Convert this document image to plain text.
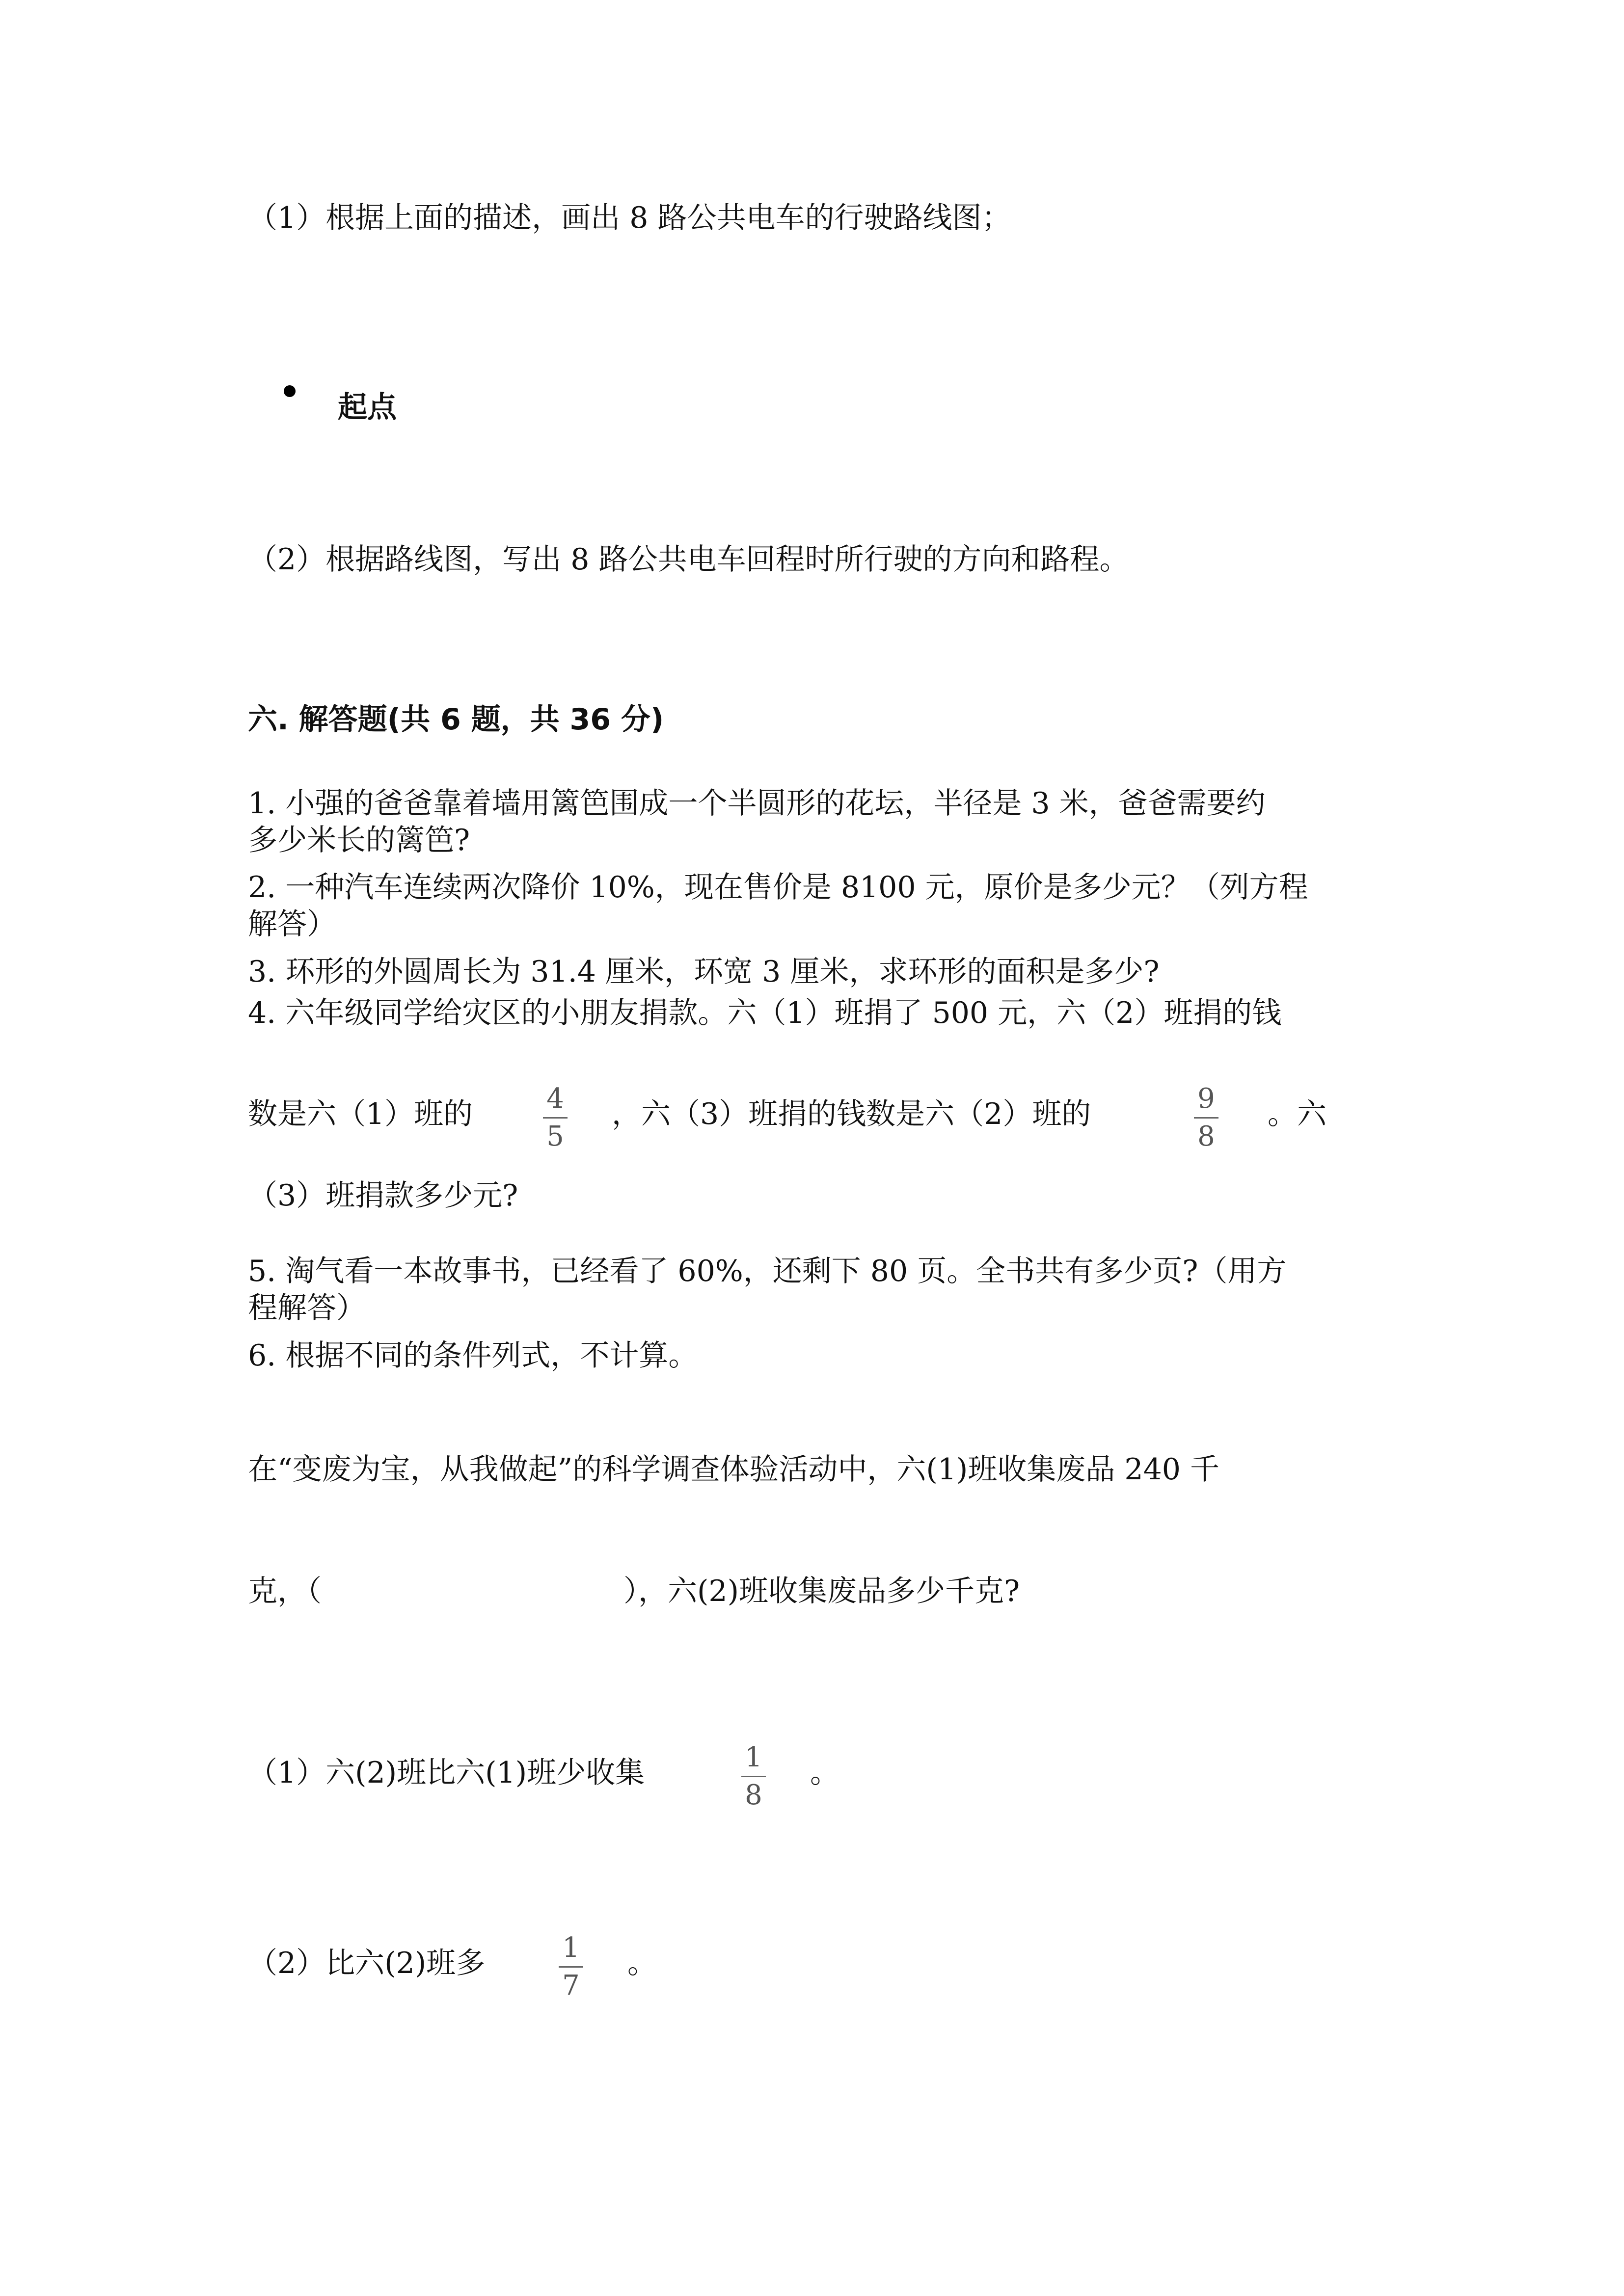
（1）根据上面的描述，画出 8 路公共电车的行驶路线图；
起点
（2）根据路线图，写出 8 路公共电车回程时所行驶的方向和路程。
六. 解答题(共 6 题，共 36 分)
1. 小强的爸爸靠着墙用篱笆围成一个半圆形的花坛，半径是 3 米，爸爸需要约
多少米长的篱笆?
2. 一种汽车连续两次降价 10%，现在售价是 8100 元，原价是多少元？（列方程
解答）
3. 环形的外圆周长为 31.4 厘米，环宽 3 厘米，求环形的面积是多少?
4. 六年级同学给灾区的小朋友捐款。六（1）班捐了 500 元，六（2）班捐的钱
数是六（1）班的	4
5
，六（3）班捐的钱数是六（2）班的	9
8
。六
（3）班捐款多少元?
5. 淘气看一本故事书，已经看了 60%，还剩下 80 页。全书共有多少页?（用方
程解答）
6. 根据不同的条件列式，不计算。
在“变废为宝，从我做起”的科学调查体验活动中，六(1)班收集废品 240 千
克，（	），六(2)班收集废品多少千克?
（1）六(2)班比六(1)班少收集	1
8
。
（2）比六(2)班多	1
7
。
